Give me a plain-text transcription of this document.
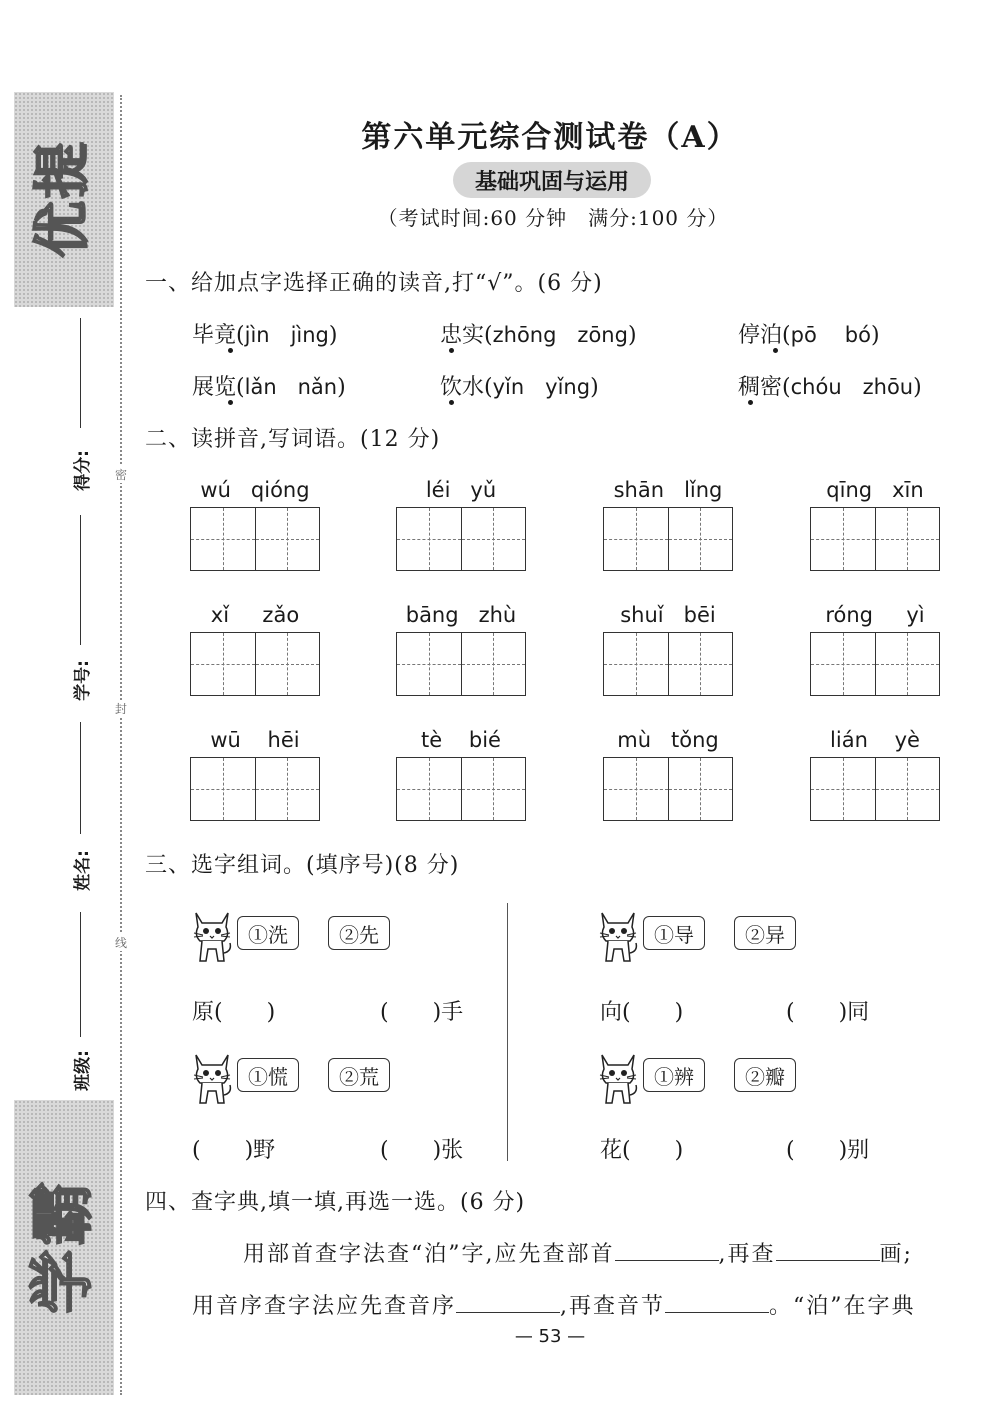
提
优
霸
学
密
封
线
得分:
学号:
姓名:
班级:
第六单元综合测试卷（A）
基础巩固与运用
（考试时间:60 分钟　满分:100 分）
一、给加点字选择正确的读音,打“√”。(6 分)
毕竟(jìn jìng)	忠实(zhōng zōng)	停泊(pō bó)
展览(lǎn nǎn)	饮水(yǐn yǐng)	稠密(chóu zhōu)
二、读拼音,写词语。(12 分)
wú   qióng	léi   yǔ	shān   lǐng	qīng   xīn
xǐ     zǎo	bāng   zhù	shuǐ   bēi	róng     yì
wū    hēi	tè    bié	mù   tǒng	lián    yè
三、选字组词。(填序号)(8 分)
①洗	②先
原(　　)	(　　)手
①导	②异
向(　　)	(　　)同
①慌	②荒
(　　)野	(　　)张
①辨	②瓣
花(　　)	(　　)别
四、查字典,填一填,再选一选。(6 分)
用部首查字法查“泊”字,应先查部首	,再查	画;
用音序查字法应先查音序	,再查音节	。“泊”在字典
— 53 —
